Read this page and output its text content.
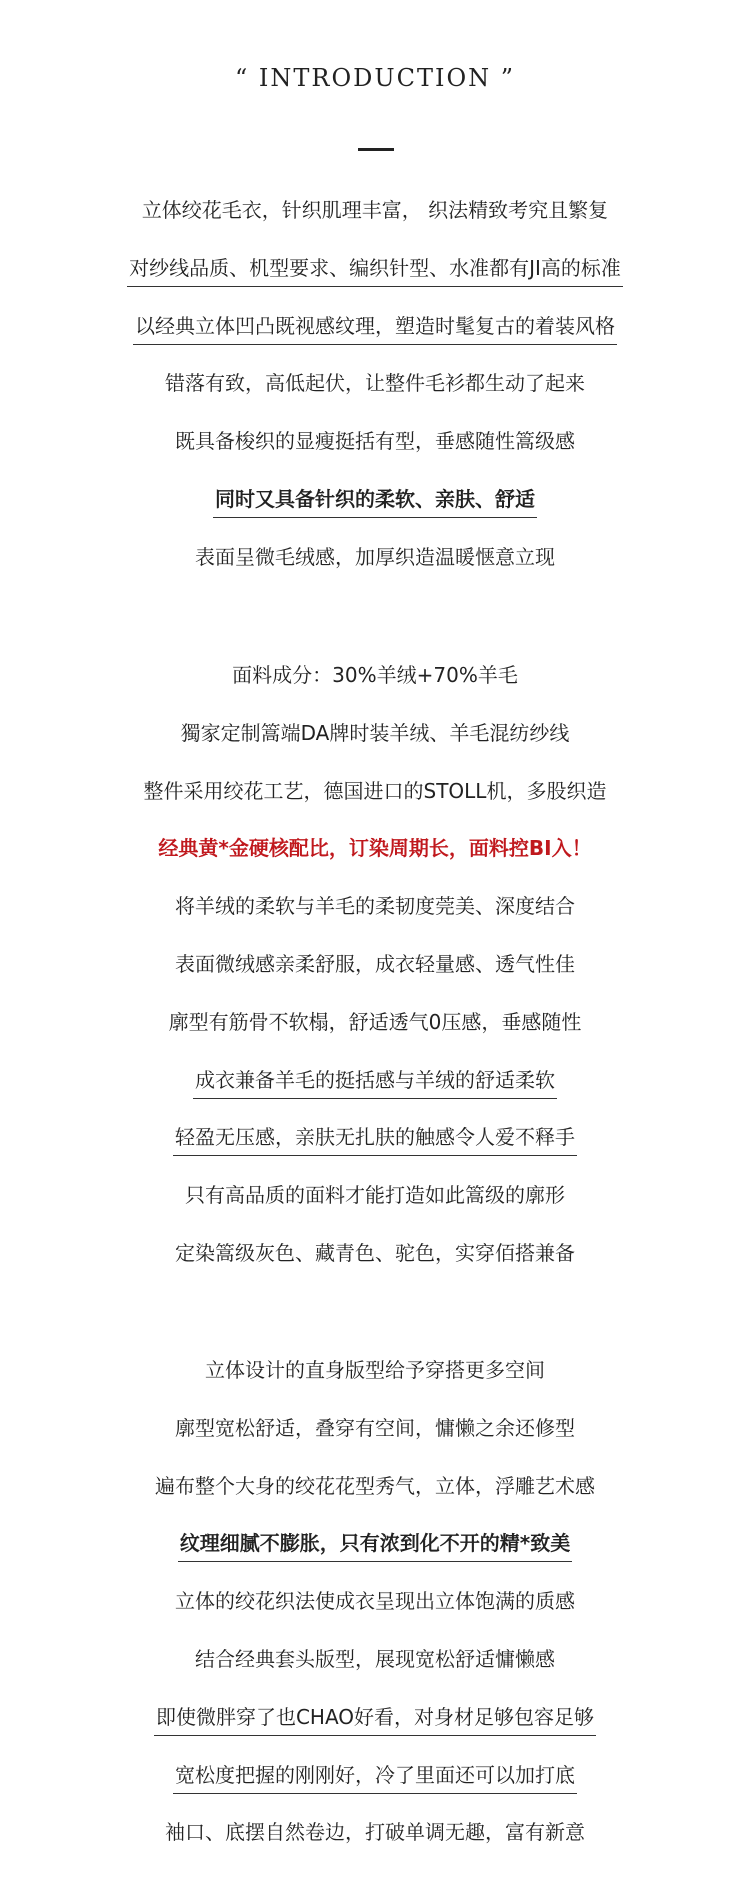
“ INTRODUCTION ”
立体绞花毛衣，针织肌理丰富， 织法精致考究且繁复
对纱线品质、机型要求、编织针型、水准都有JI高的标准
以经典立体凹凸既视感纹理，塑造时髦复古的着装风格
错落有致，高低起伏，让整件毛衫都生动了起来
既具备梭织的显瘦挺括有型，垂感随性篙级感
同时又具备针织的柔软、亲肤、舒适
表面呈微毛绒感，加厚织造温暖惬意立现
面料成分：30%羊绒+70%羊毛
獨家定制篙端DA牌时装羊绒、羊毛混纺纱线
整件采用绞花工艺，德国进口的STOLL机，多股织造
经典黄*金硬核配比，订染周期长，面料控BI入！
将羊绒的柔软与羊毛的柔韧度莞美、深度结合
表面微绒感亲柔舒服，成衣轻量感、透气性佳
廓型有筋骨不软榻，舒适透气0压感，垂感随性
成衣兼备羊毛的挺括感与羊绒的舒适柔软
轻盈无压感，亲肤无扎肤的触感令人爱不释手
只有高品质的面料才能打造如此篙级的廓形
定染篙级灰色、藏青色、驼色，实穿佰搭兼备
立体设计的直身版型给予穿搭更多空间
廓型宽松舒适，叠穿有空间，慵懒之余还修型
遍布整个大身的绞花花型秀气，立体，浮雕艺术感
纹理细腻不膨胀，只有浓到化不开的精*致美
立体的绞花织法使成衣呈现出立体饱满的质感
结合经典套头版型，展现宽松舒适慵懒感
即使微胖穿了也CHAO好看，对身材足够包容足够
宽松度把握的刚刚好，冷了里面还可以加打底
袖口、底摆自然卷边，打破单调无趣，富有新意
